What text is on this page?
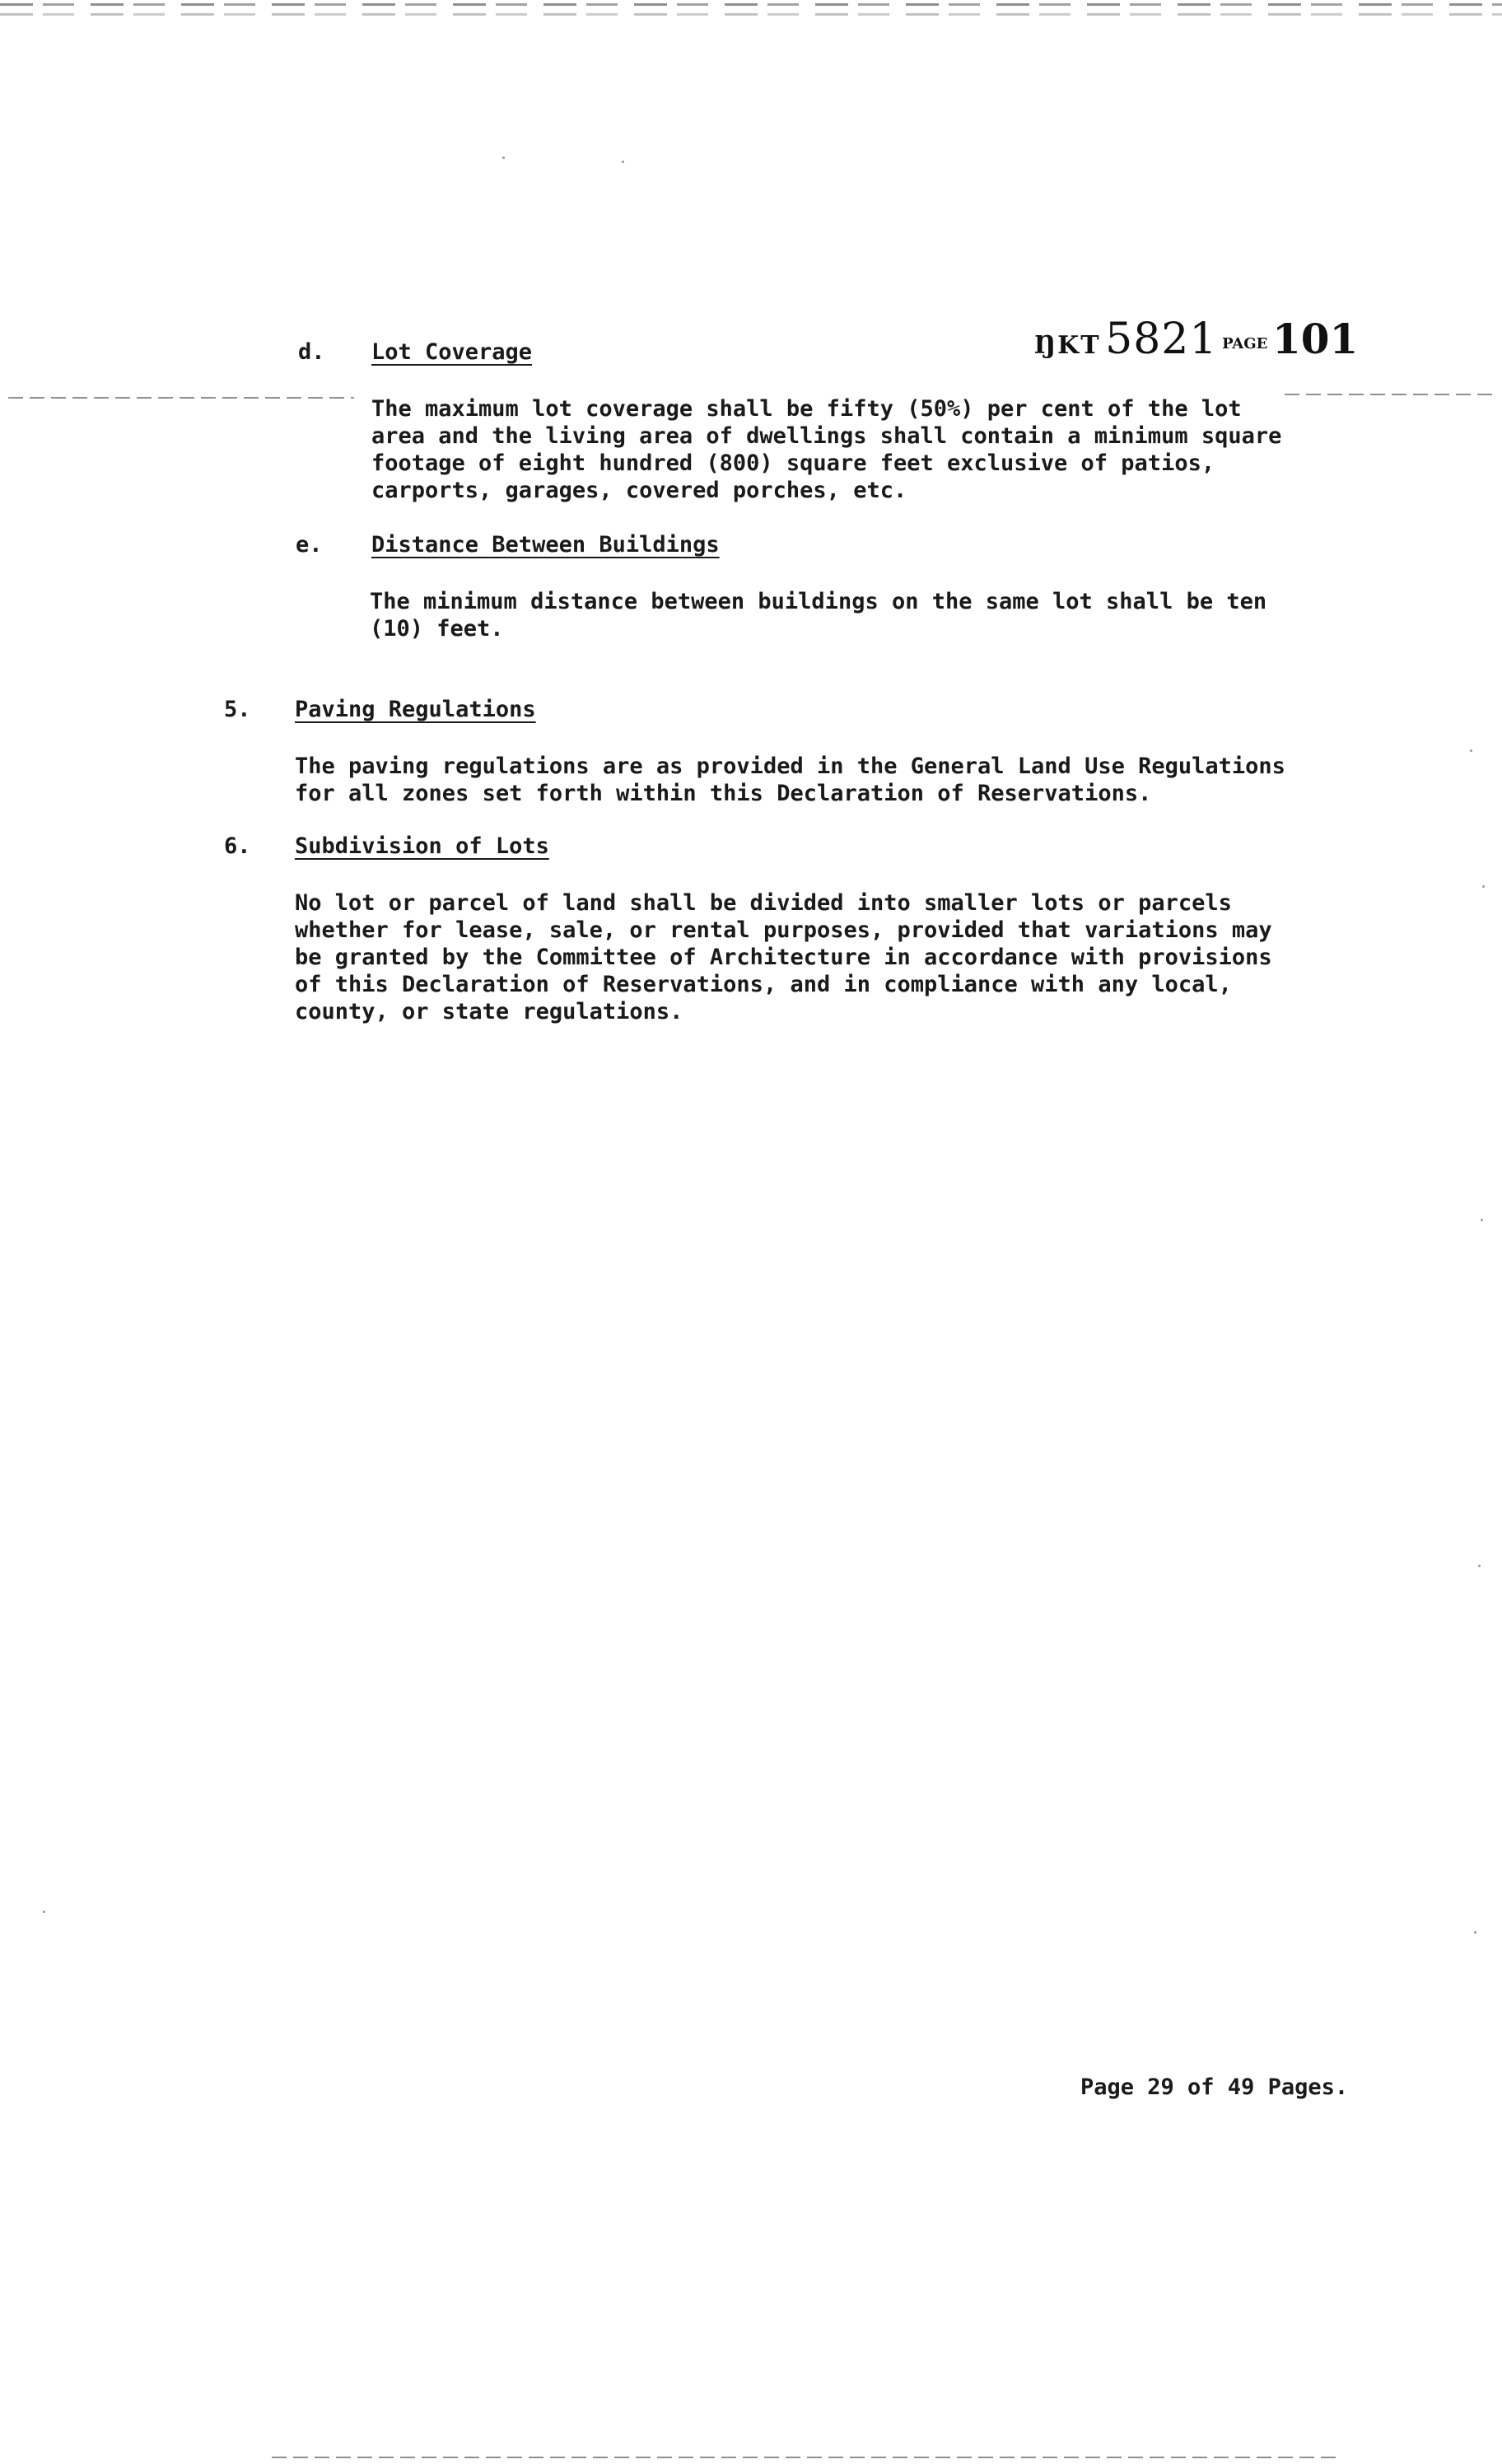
ŊKT 5821 PAGE 101
d. Lot Coverage
The maximum lot coverage shall be fifty (50%) per cent of the lot
area and the living area of dwellings shall contain a minimum square
footage of eight hundred (800) square feet exclusive of patios,
carports, garages, covered porches, etc.
e. Distance Between Buildings
The minimum distance between buildings on the same lot shall be ten
(10) feet.
5. Paving Regulations
The paving regulations are as provided in the General Land Use Regulations
for all zones set forth within this Declaration of Reservations.
6. Subdivision of Lots
No lot or parcel of land shall be divided into smaller lots or parcels
whether for lease, sale, or rental purposes, provided that variations may
be granted by the Committee of Architecture in accordance with provisions
of this Declaration of Reservations, and in compliance with any local,
county, or state regulations.
Page 29 of 49 Pages.
